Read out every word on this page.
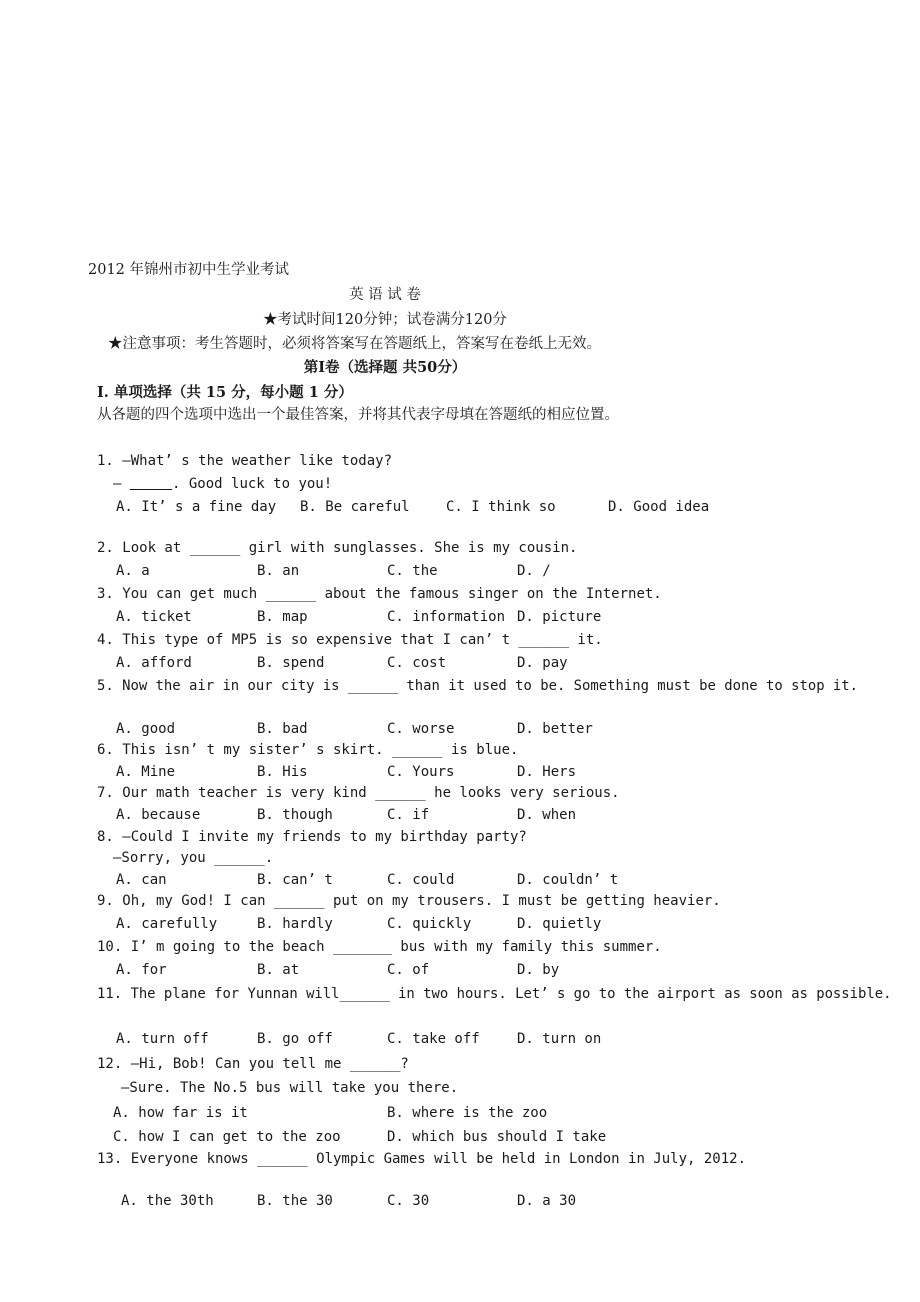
2012 年锦州市初中生学业考试
英 语 试 卷
★考试时间120分钟；试卷满分120分
★注意事项：考生答题时，必须将答案写在答题纸上，答案写在卷纸上无效。
第Ⅰ卷（选择题 共50分）
Ⅰ. 单项选择（共 15 分，每小题 1 分）
从各题的四个选项中选出一个最佳答案，并将其代表字母填在答题纸的相应位置。
1. —What’ s the weather like today?
—	. Good luck to you!
A. It’ s a fine day B. Be careful	C. I think so	D. Good idea
2. Look at ______ girl with sunglasses. She is my cousin.
A. a	B. an	C. the	D. /
3. You can get much ______ about the famous singer on the Internet.
A. ticket	B. map	C. information D. picture
4. This type of MP5 is so expensive that I can’ t ______ it.
A. afford	B. spend	C. cost	D. pay
5. Now the air in our city is ______ than it used to be. Something must be done to stop it.
A. good	B. bad	C. worse	D. better
6. This isn’ t my sister’ s skirt. ______ is blue.
A. Mine	B. His	C. Yours	D. Hers
7. Our math teacher is very kind ______ he looks very serious.
A. because	B. though	C. if	D. when
8. —Could I invite my friends to my birthday party?
—Sorry, you ______.
A. can	B. can’ t	C. could	D. couldn’ t
9. Oh, my God! I can ______ put on my trousers. I must be getting heavier.
A. carefully	B. hardly	C. quickly	D. quietly
10. I’ m going to the beach _______ bus with my family this summer.
A. for	B. at	C. of	D. by
11. The plane for Yunnan will______ in two hours. Let’ s go to the airport as soon as possible.
A. turn off	B. go off	C. take off	D. turn on
12. —Hi, Bob! Can you tell me ______?
—Sure. The No.5 bus will take you there.
A. how far is it	B. where is the zoo
C. how I can get to the zoo	D. which bus should I take
13. Everyone knows ______ Olympic Games will be held in London in July, 2012.
A. the 30th	B. the 30	C. 30	D. a 30
